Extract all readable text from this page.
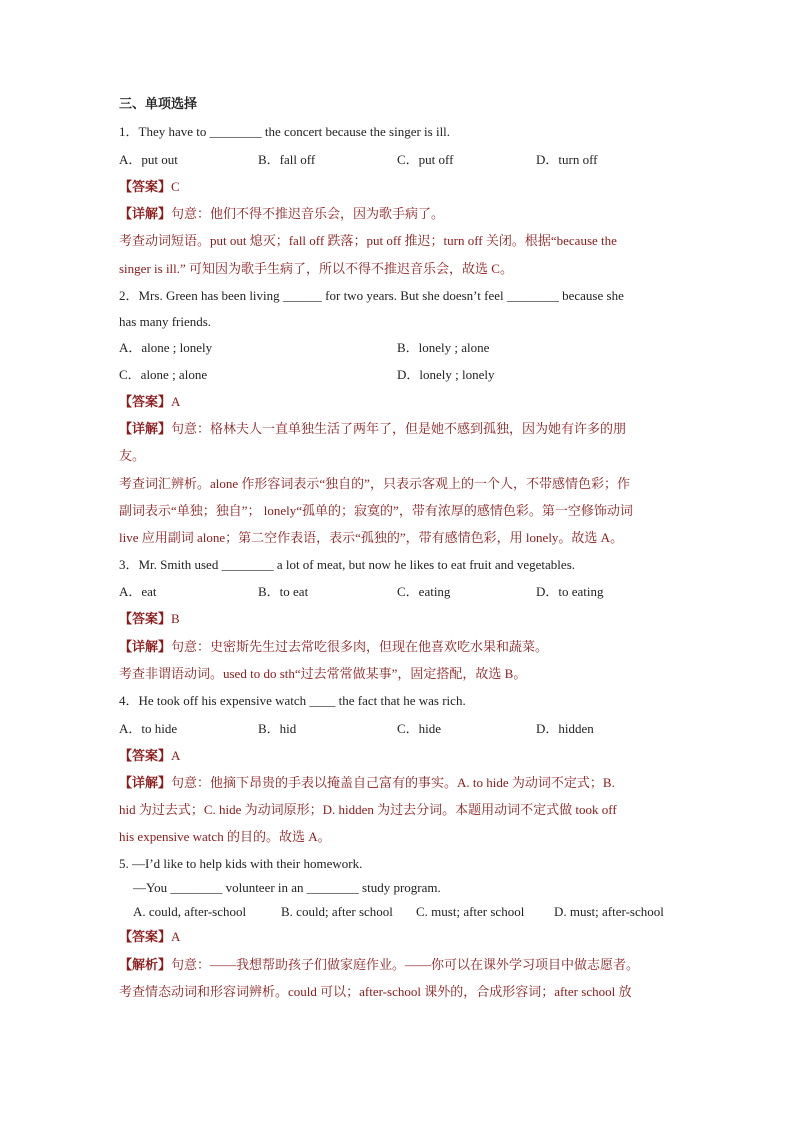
三、单项选择
1．They have to ________ the concert because the singer is ill.
A．put out	B．fall off	C．put off	D．turn off
【答案】C
【详解】句意：他们不得不推迟音乐会，因为歌手病了。
考查动词短语。put out 熄灭；fall off 跌落；put off 推迟；turn off 关闭。根据“because the
singer is ill.” 可知因为歌手生病了，所以不得不推迟音乐会，故选 C。
2．Mrs. Green has been living ______ for two years. But she doesn’t feel ________ because she
has many friends.
A．alone ; lonely	B．lonely ; alone
C．alone ; alone	D．lonely ; lonely
【答案】A
【详解】句意：格林夫人一直单独生活了两年了，但是她不感到孤独，因为她有许多的朋
友。
考查词汇辨析。alone 作形容词表示“独自的”，只表示客观上的一个人，不带感情色彩；作
副词表示“单独；独自”； lonely“孤单的；寂寞的”，带有浓厚的感情色彩。第一空修饰动词
live 应用副词 alone；第二空作表语，表示“孤独的”，带有感情色彩，用 lonely。故选 A。
3．Mr. Smith used ________ a lot of meat, but now he likes to eat fruit and vegetables.
A．eat	B．to eat	C．eating	D．to eating
【答案】B
【详解】句意：史密斯先生过去常吃很多肉，但现在他喜欢吃水果和蔬菜。
考查非谓语动词。used to do sth“过去常常做某事”，固定搭配，故选 B。
4．He took off his expensive watch ____ the fact that he was rich.
A．to hide	B．hid	C．hide	D．hidden
【答案】A
【详解】句意：他摘下昂贵的手表以掩盖自己富有的事实。A. to hide 为动词不定式；B.
hid 为过去式；C. hide 为动词原形；D. hidden 为过去分词。本题用动词不定式做 took off
his expensive watch 的目的。故选 A。
5. —I’d like to help kids with their homework.
—You ________ volunteer in an ________ study program.
A. could, after-school	B. could; after school C. must; after school D. must; after-school
【答案】A
【解析】句意：——我想帮助孩子们做家庭作业。——你可以在课外学习项目中做志愿者。
考查情态动词和形容词辨析。could 可以；after-school 课外的，合成形容词；after school 放
